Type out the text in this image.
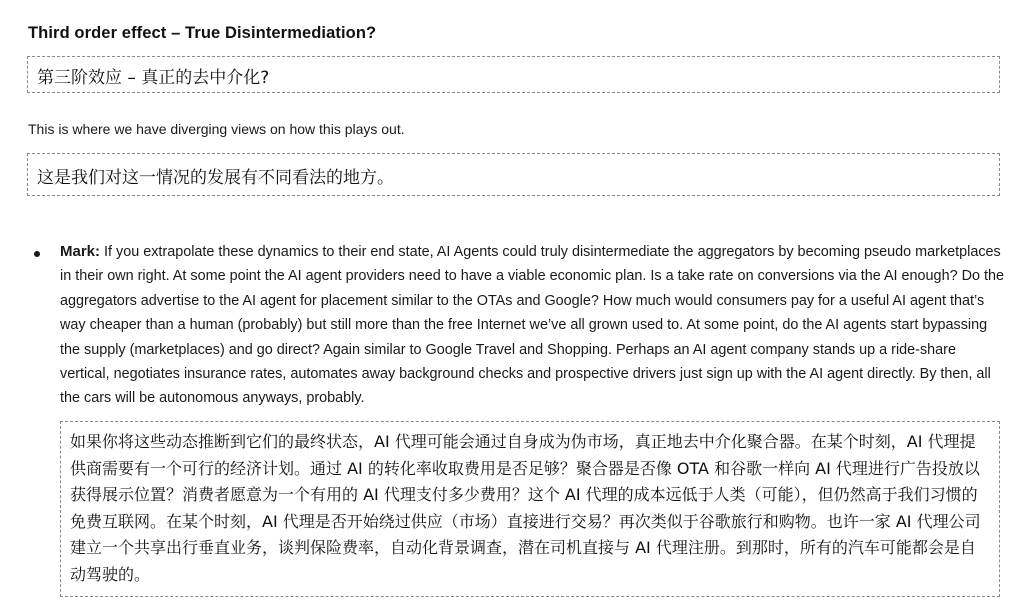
Third order effect – True Disintermediation?
第三阶效应 – 真正的去中介化?
This is where we have diverging views on how this plays out.
这是我们对这一情况的发展有不同看法的地方。
Mark: If you extrapolate these dynamics to their end state, AI Agents could truly disintermediate the aggregators by becoming pseudo marketplaces in their own right. At some point the AI agent providers need to have a viable economic plan. Is a take rate on conversions via the AI enough? Do the aggregators advertise to the AI agent for placement similar to the OTAs and Google? How much would consumers pay for a useful AI agent that’s way cheaper than a human (probably) but still more than the free Internet we’ve all grown used to. At some point, do the AI agents start bypassing the supply (marketplaces) and go direct? Again similar to Google Travel and Shopping. Perhaps an AI agent company stands up a ride-share vertical, negotiates insurance rates, automates away background checks and prospective drivers just sign up with the AI agent directly. By then, all the cars will be autonomous anyways, probably.
如果你将这些动态推断到它们的最终状态，AI 代理可能会通过自身成为伪市场，真正地去中介化聚合器。在某个时刻，AI 代理提供商需要有一个可行的经济计划。通过 AI 的转化率收取费用是否足够？聚合器是否像 OTA 和谷歌一样向 AI 代理进行广告投放以获得展示位置？消费者愿意为一个有用的 AI 代理支付多少费用？这个 AI 代理的成本远低于人类（可能），但仍然高于我们习惯的免费互联网。在某个时刻，AI 代理是否开始绕过供应（市场）直接进行交易？再次类似于谷歌旅行和购物。也许一家 AI 代理公司建立一个共享出行垂直业务，谈判保险费率，自动化背景调查，潜在司机直接与 AI 代理注册。到那时，所有的汽车可能都会是自动驾驶的。
